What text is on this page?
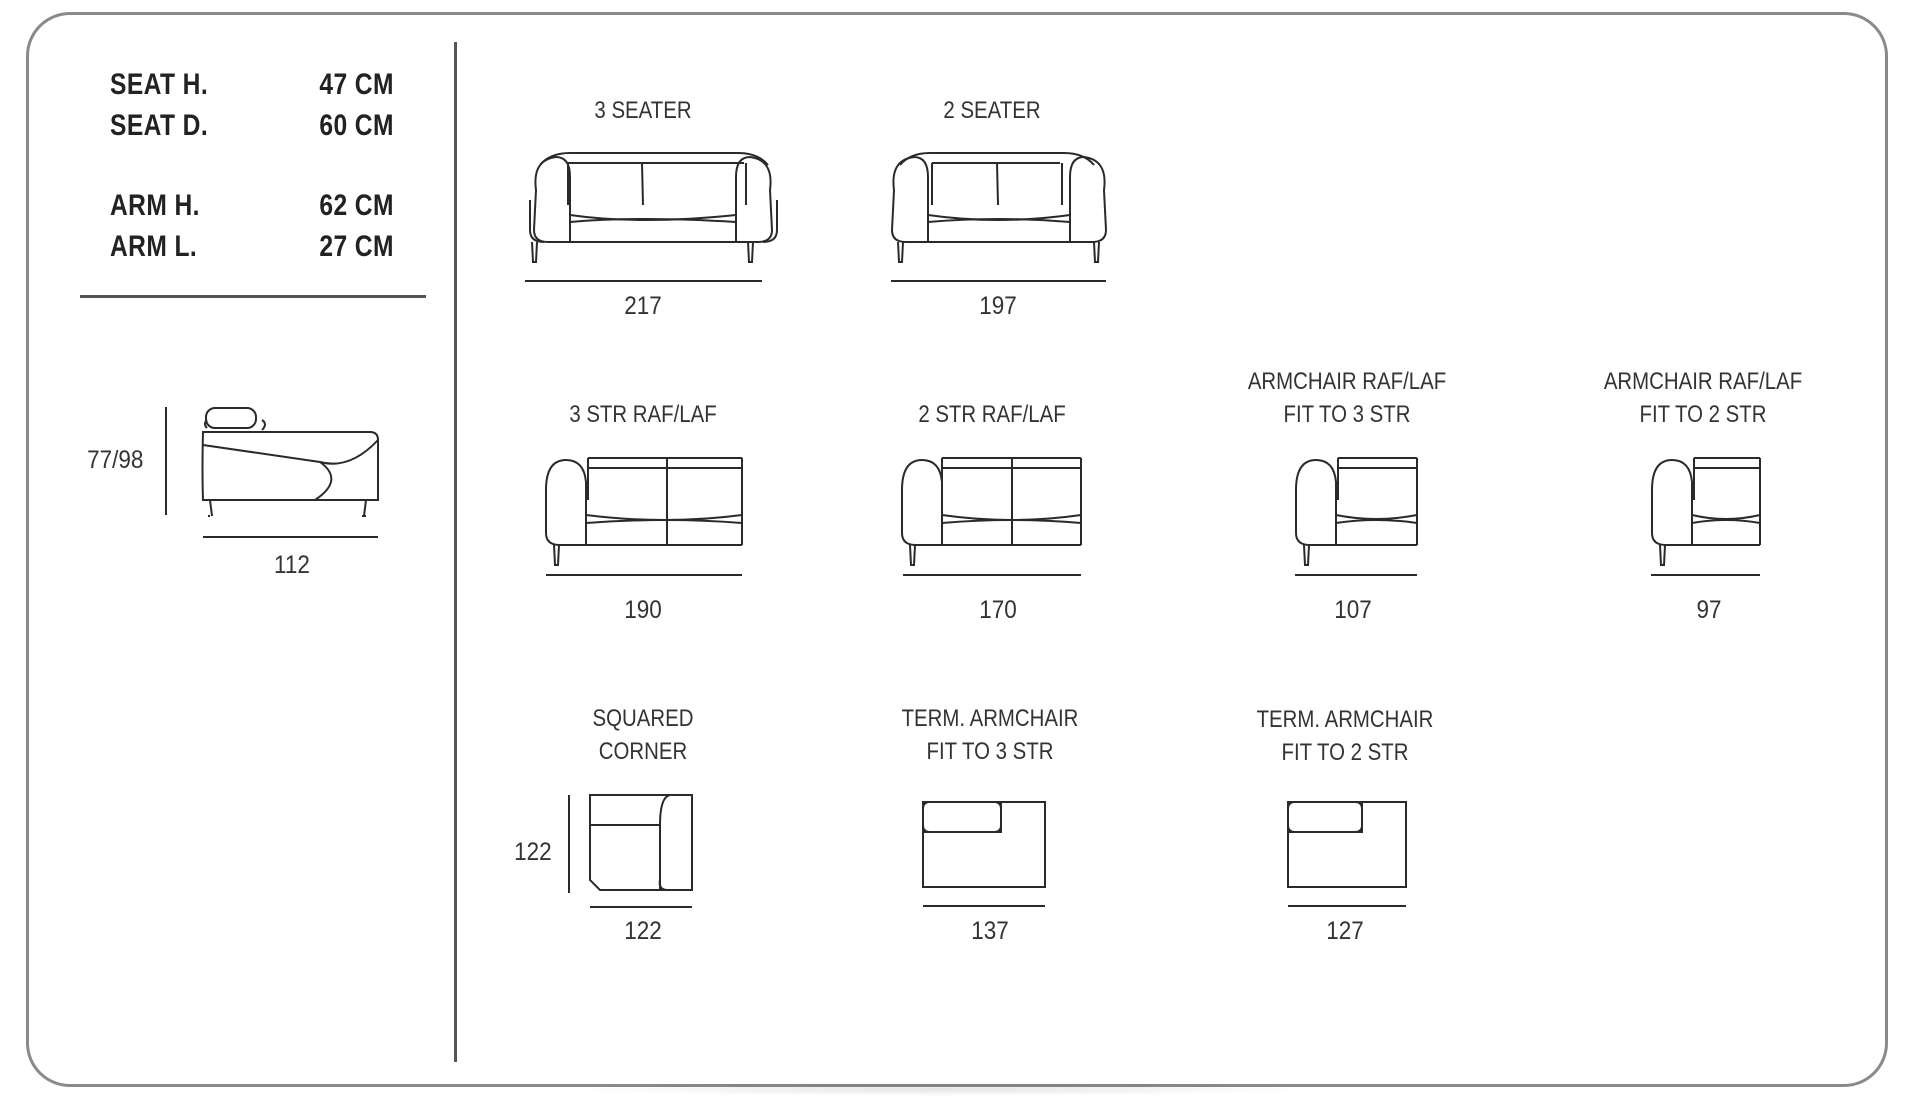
SEAT H.	47 CM
SEAT D.	60 CM
ARM H.	62 CM
ARM L.	27 CM
77/98
112
3 SEATER	2 SEATER
3 STR RAF/LAF	2 STR RAF/LAF
ARMCHAIR RAF/LAF
FIT TO 3 STR
ARMCHAIR RAF/LAF
FIT TO 2 STR
SQUARED
CORNER
TERM. ARMCHAIR
FIT TO 3 STR
TERM. ARMCHAIR
FIT TO 2 STR
217	197
190	170	107	97
122
122
137	127
